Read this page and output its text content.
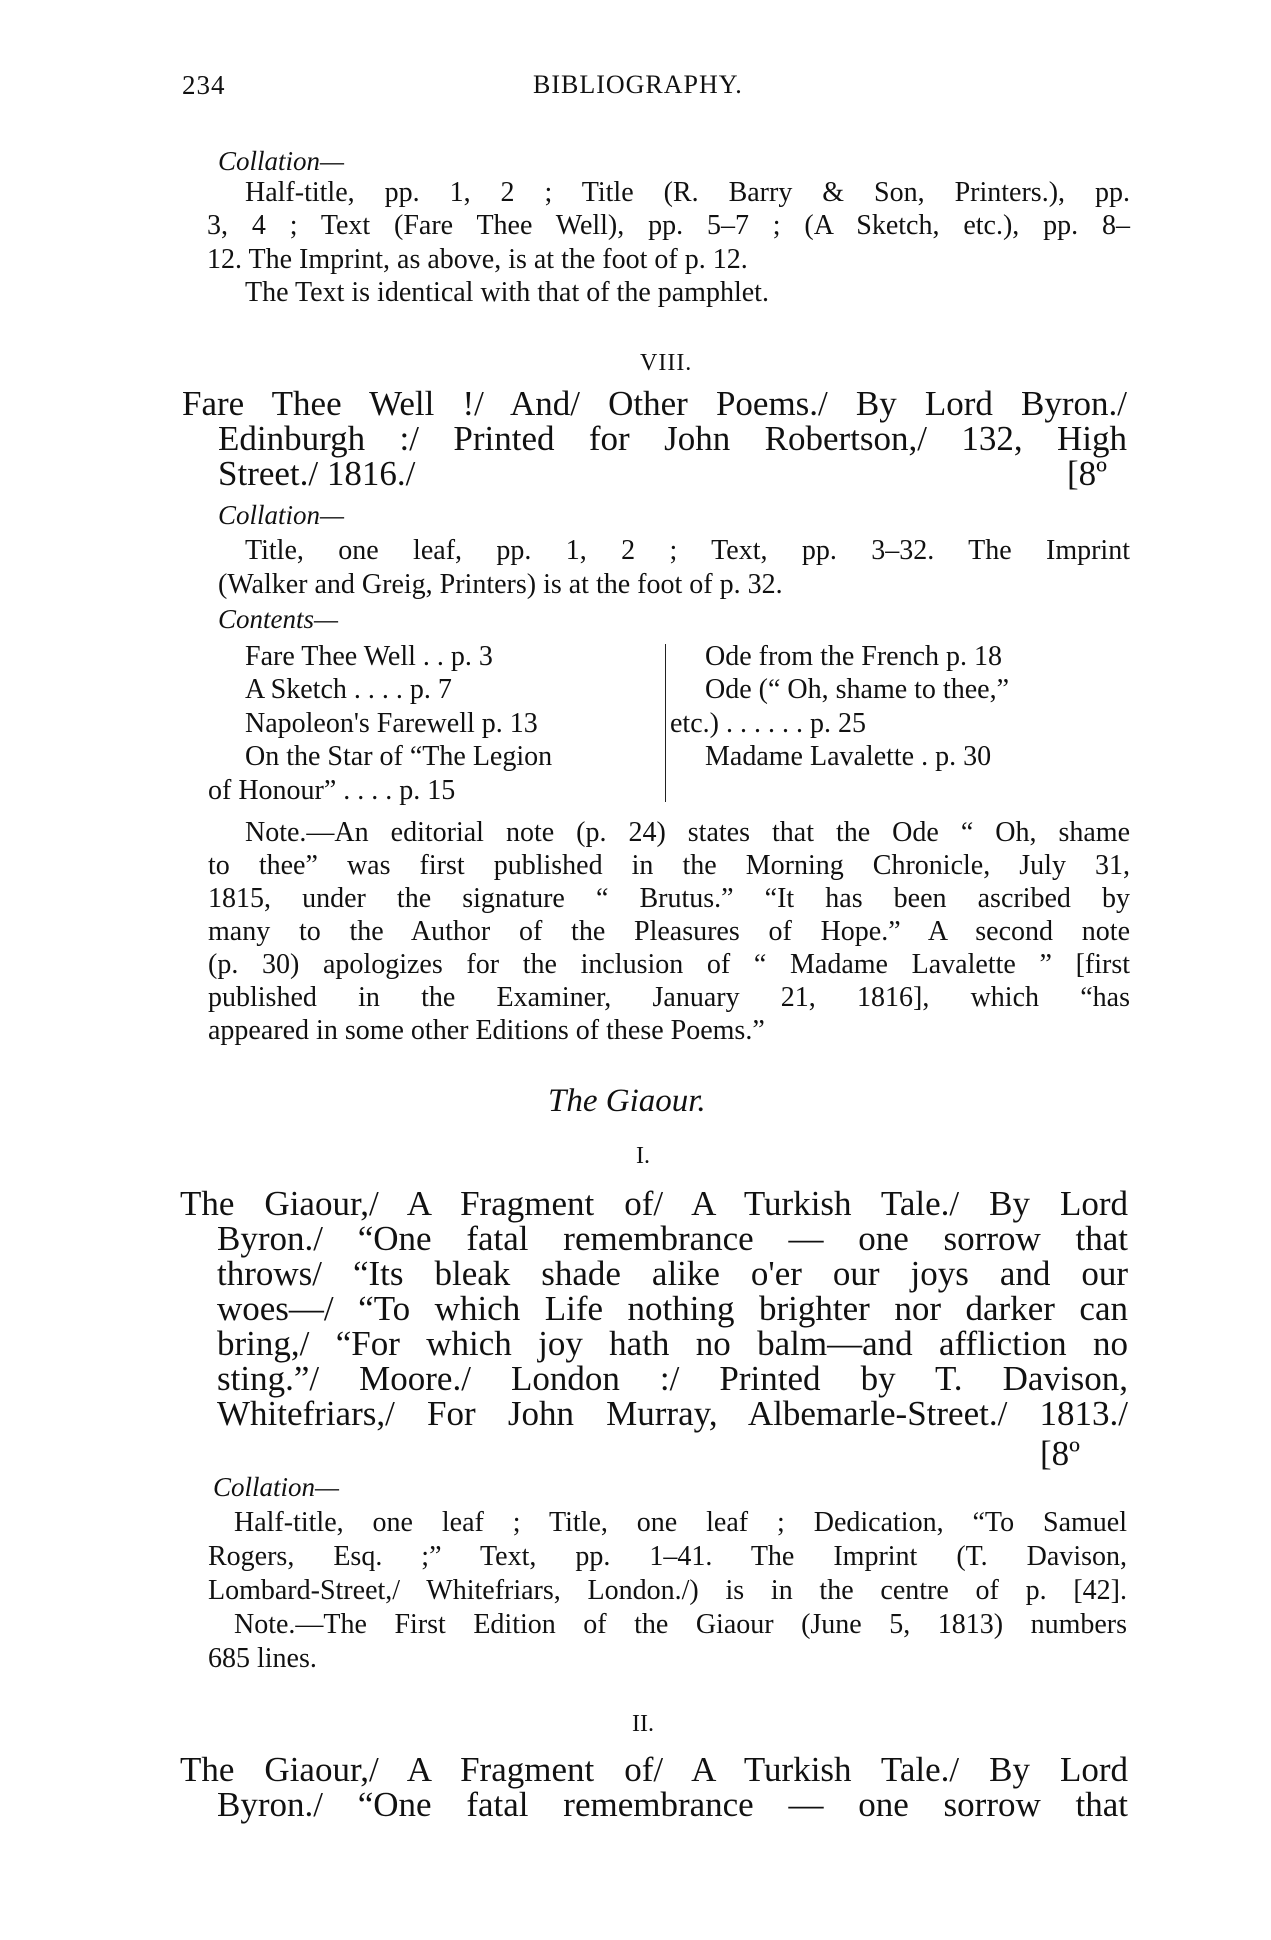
234	BIBLIOGRAPHY.
Collation—
Half-title, pp. 1, 2 ; Title (R. Barry & Son, Printers.), pp.
3, 4 ; Text (Fare Thee Well), pp. 5–7 ; (A Sketch, etc.), pp. 8–
12. The Imprint, as above, is at the foot of p. 12.
The Text is identical with that of the pamphlet.
VIII.
Fare Thee Well !/ And/ Other Poems./ By Lord Byron./
Edinburgh :/ Printed for John Robertson,/ 132, High
Street./ 1816./	[8º
Collation—
Title, one leaf, pp. 1, 2 ; Text, pp. 3–32. The Imprint
(Walker and Greig, Printers) is at the foot of p. 32.
Contents—
Fare Thee Well . . p. 3
A Sketch . . . . p. 7
Napoleon's Farewell p. 13
On the Star of “The Legion
of Honour” . . . . p. 15
Ode from the French p. 18
Ode (“ Oh, shame to thee,”
etc.) . . . . . . p. 25
Madame Lavalette . p. 30
Note.—An editorial note (p. 24) states that the Ode “ Oh, shame
to thee” was first published in the Morning Chronicle, July 31,
1815, under the signature “ Brutus.” “It has been ascribed by
many to the Author of the Pleasures of Hope.” A second note
(p. 30) apologizes for the inclusion of “ Madame Lavalette ” [first
published in the Examiner, January 21, 1816], which “has
appeared in some other Editions of these Poems.”
The Giaour.
I.
The Giaour,/ A Fragment of/ A Turkish Tale./ By Lord
Byron./ “One fatal remembrance — one sorrow that
throws/ “Its bleak shade alike o'er our joys and our
woes—/ “To which Life nothing brighter nor darker can
bring,/ “For which joy hath no balm—and affliction no
sting.”/ Moore./ London :/ Printed by T. Davison,
Whitefriars,/ For John Murray, Albemarle-Street./ 1813./
[8º
Collation—
Half-title, one leaf ; Title, one leaf ; Dedication, “To Samuel
Rogers, Esq. ;” Text, pp. 1–41. The Imprint (T. Davison,
Lombard-Street,/ Whitefriars, London./) is in the centre of p. [42].
Note.—The First Edition of the Giaour (June 5, 1813) numbers
685 lines.
II.
The Giaour,/ A Fragment of/ A Turkish Tale./ By Lord
Byron./ “One fatal remembrance — one sorrow that
